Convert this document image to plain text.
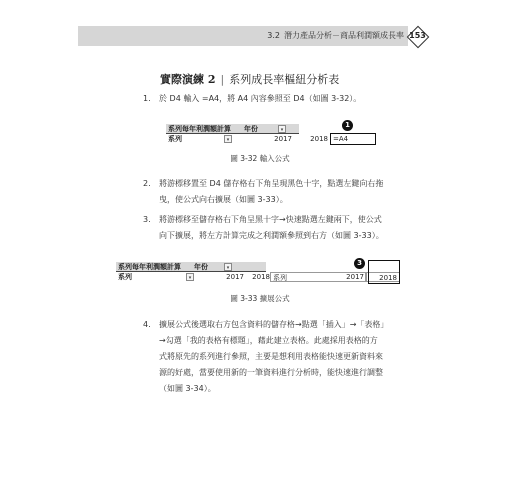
3.2 潛力產品分析－商品利潤額成長率 153
實際演練 2 | 系列成長率樞紐分析表
1. 於 D4 輸入 =A4，將 A4 內容參照至 D4（如圖 3-32）。
系列每年利潤額計算	年份	▾
系列	▾	2017	2018 =A4
1
圖 3-32 輸入公式
2. 將游標移置至 D4 儲存格右下角呈現黑色十字，點選左鍵向右拖
曳，使公式向右擴展（如圖 3-33）。
3. 將游標移至儲存格右下角呈黑十字→快速點選左鍵兩下，使公式
向下擴展，將左方計算完成之利潤額參照到右方（如圖 3-33）。
系列每年利潤額計算	年份	▾
系列	▾	2017	2018 系列	2017	2018
3
圖 3-33 擴展公式
4. 擴展公式後選取右方包含資料的儲存格→點選「插入」→「表格」
→勾選「我的表格有標題」，藉此建立表格。此處採用表格的方
式將原先的系列進行參照，主要是想利用表格能快速更新資料來
源的好處，當要使用新的一筆資料進行分析時，能快速進行調整
（如圖 3-34）。
